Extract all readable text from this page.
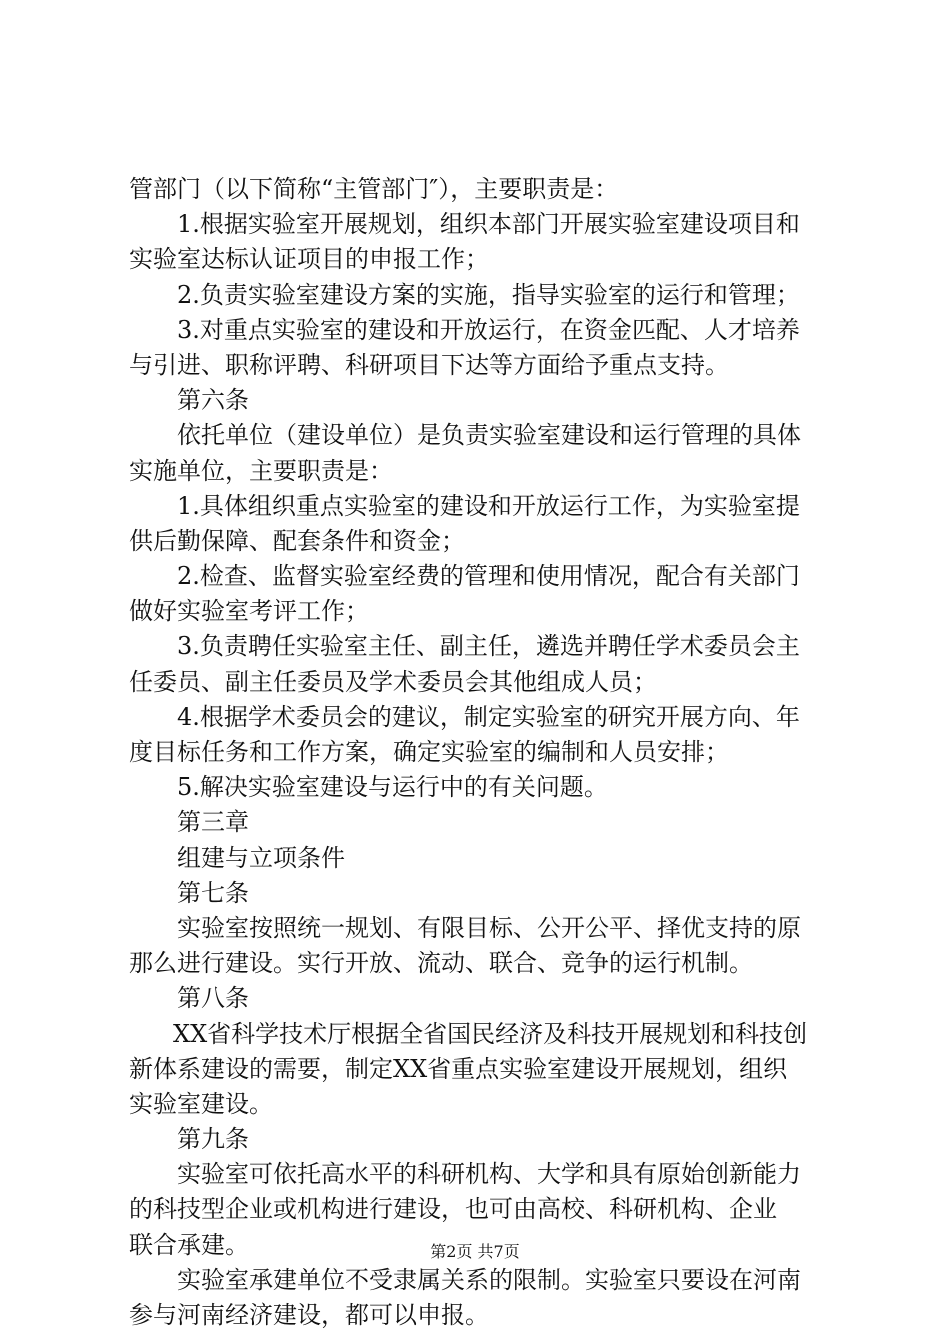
管部门（以下简称“主管部门″），主要职责是：
1.根据实验室开展规划，组织本部门开展实验室建设项目和
实验室达标认证项目的申报工作；
2.负责实验室建设方案的实施，指导实验室的运行和管理；
3.对重点实验室的建设和开放运行，在资金匹配、人才培养
与引进、职称评聘、科研项目下达等方面给予重点支持。
第六条
依托单位（建设单位）是负责实验室建设和运行管理的具体
实施单位，主要职责是：
1.具体组织重点实验室的建设和开放运行工作，为实验室提
供后勤保障、配套条件和资金；
2.检查、监督实验室经费的管理和使用情况，配合有关部门
做好实验室考评工作；
3.负责聘任实验室主任、副主任，遴选并聘任学术委员会主
任委员、副主任委员及学术委员会其他组成人员；
4.根据学术委员会的建议，制定实验室的研究开展方向、年
度目标任务和工作方案，确定实验室的编制和人员安排；
5.解决实验室建设与运行中的有关问题。
第三章
组建与立项条件
第七条
实验室按照统一规划、有限目标、公开公平、择优支持的原
那么进行建设。实行开放、流动、联合、竞争的运行机制。
第八条
XX省科学技术厅根据全省国民经济及科技开展规划和科技创
新体系建设的需要，制定XX省重点实验室建设开展规划，组织
实验室建设。
第九条
实验室可依托高水平的科研机构、大学和具有原始创新能力
的科技型企业或机构进行建设，也可由高校、科研机构、企业
联合承建。
实验室承建单位不受隶属关系的限制。实验室只要设在河南
参与河南经济建设，都可以申报。
第2页 共7页
